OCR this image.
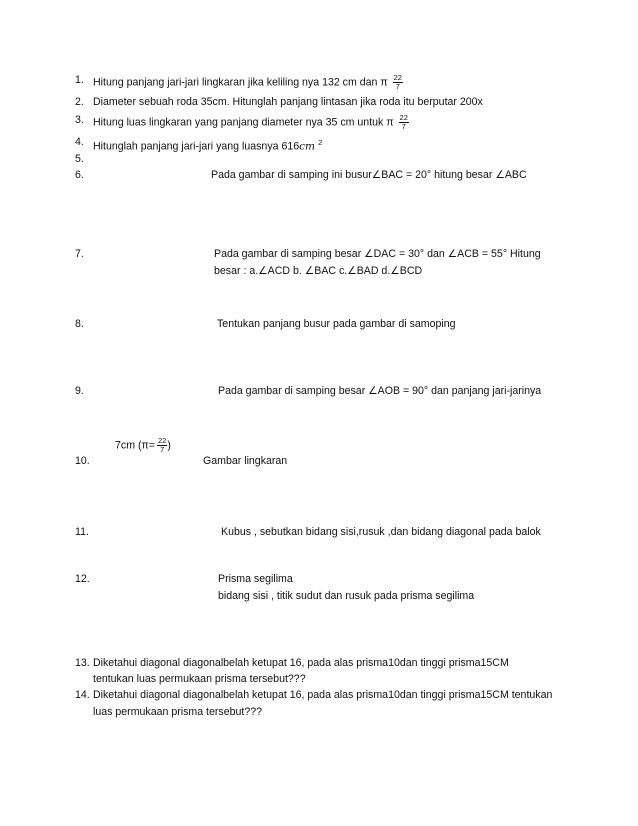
1. Hitung panjang jari-jari lingkaran jika keliling nya 132 cm dan π $\frac{22}{7}$
2. Diameter sebuah roda 35cm. Hitunglah panjang lintasan jika roda itu berputar 200x
3. Hitung luas lingkaran yang panjang diameter nya 35 cm untuk π $\frac{22}{7}$
4. Hitunglah panjang jari-jari yang luasnya 616cm $^2$
5.
6.	Pada gambar di samping ini busur∠BAC = 20° hitung besar ∠ABC
7.	Pada gambar di samping besar ∠DAC = 30° dan ∠ACB = 55° Hitung
besar : a.∠ACD b. ∠BAC c.∠BAD d.∠BCD
8.	Tentukan panjang busur pada gambar di samoping
9.	Pada gambar di samping besar ∠AOB = 90° dan panjang jari-jarinya
7cm ($\pi= \frac{22}{7}$ )
10.	Gambar lingkaran
11.	Kubus , sebutkan bidang sisi,rusuk ,dan bidang diagonal pada balok
12.	Prisma segilima
bidang sisi , titik sudut dan rusuk pada prisma segilima
13. Diketahui diagonal diagonalbelah ketupat 16, pada alas prisma10dan tinggi prisma15CM
tentukan luas permukaan prisma tersebut???
14. Diketahui diagonal diagonalbelah ketupat 16, pada alas prisma10dan tinggi prisma15CM tentukan
luas permukaan prisma tersebut???
